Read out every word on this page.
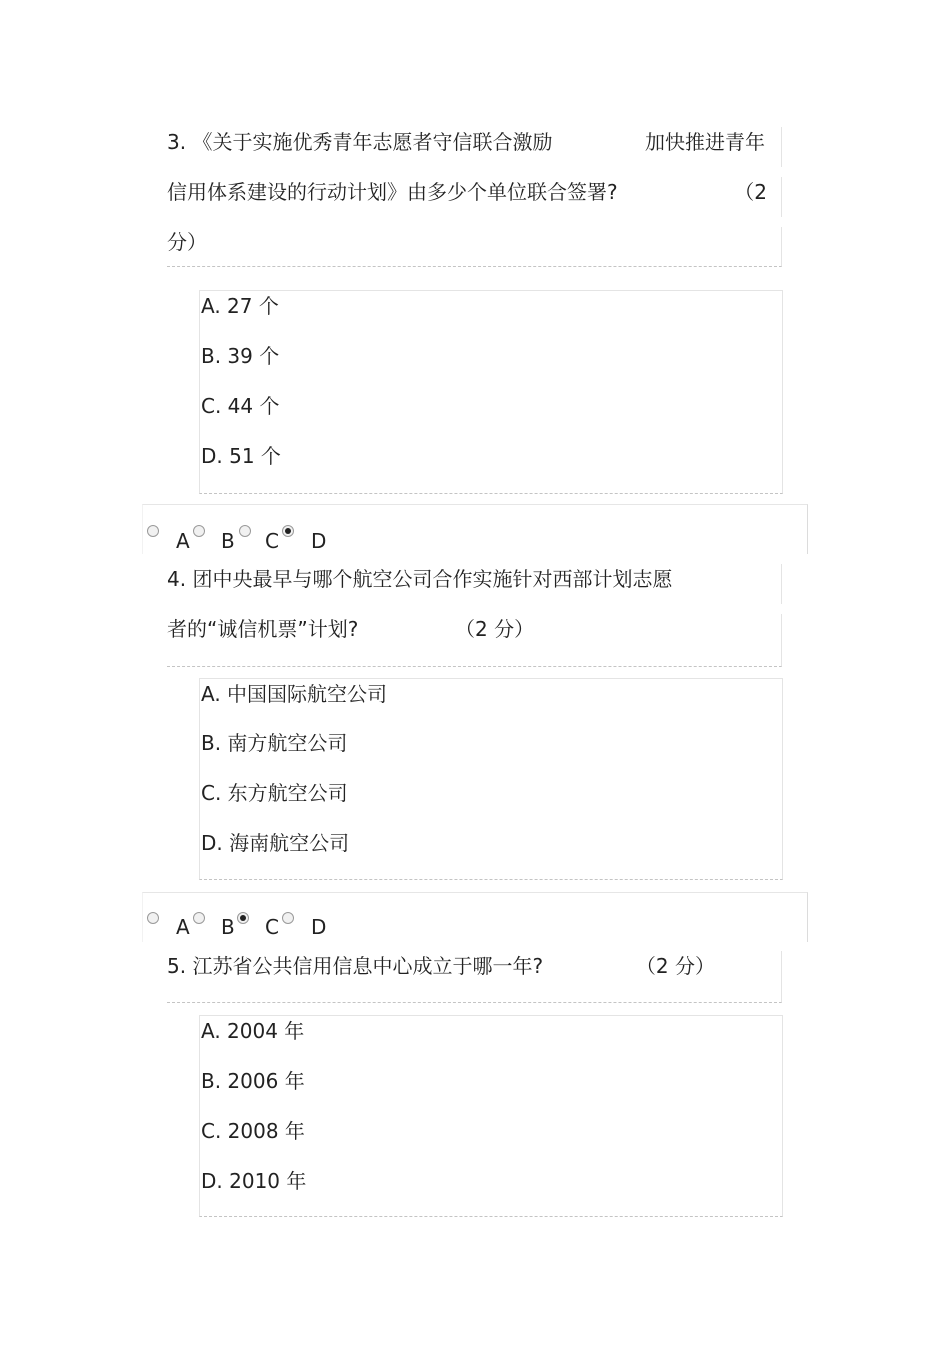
3. 《关于实施优秀青年志愿者守信联合激励	加快推进青年
信用体系建设的行动计划》由多少个单位联合签署?	（2
分）
A. 27 个
B. 39 个
C. 44 个
D. 51 个
A B C D
4. 团中央最早与哪个航空公司合作实施针对西部计划志愿
者的“诚信机票”计划?	（2 分）
A. 中国国际航空公司
B. 南方航空公司
C. 东方航空公司
D. 海南航空公司
A B C D
5. 江苏省公共信用信息中心成立于哪一年?	（2 分）
A. 2004 年
B. 2006 年
C. 2008 年
D. 2010 年
